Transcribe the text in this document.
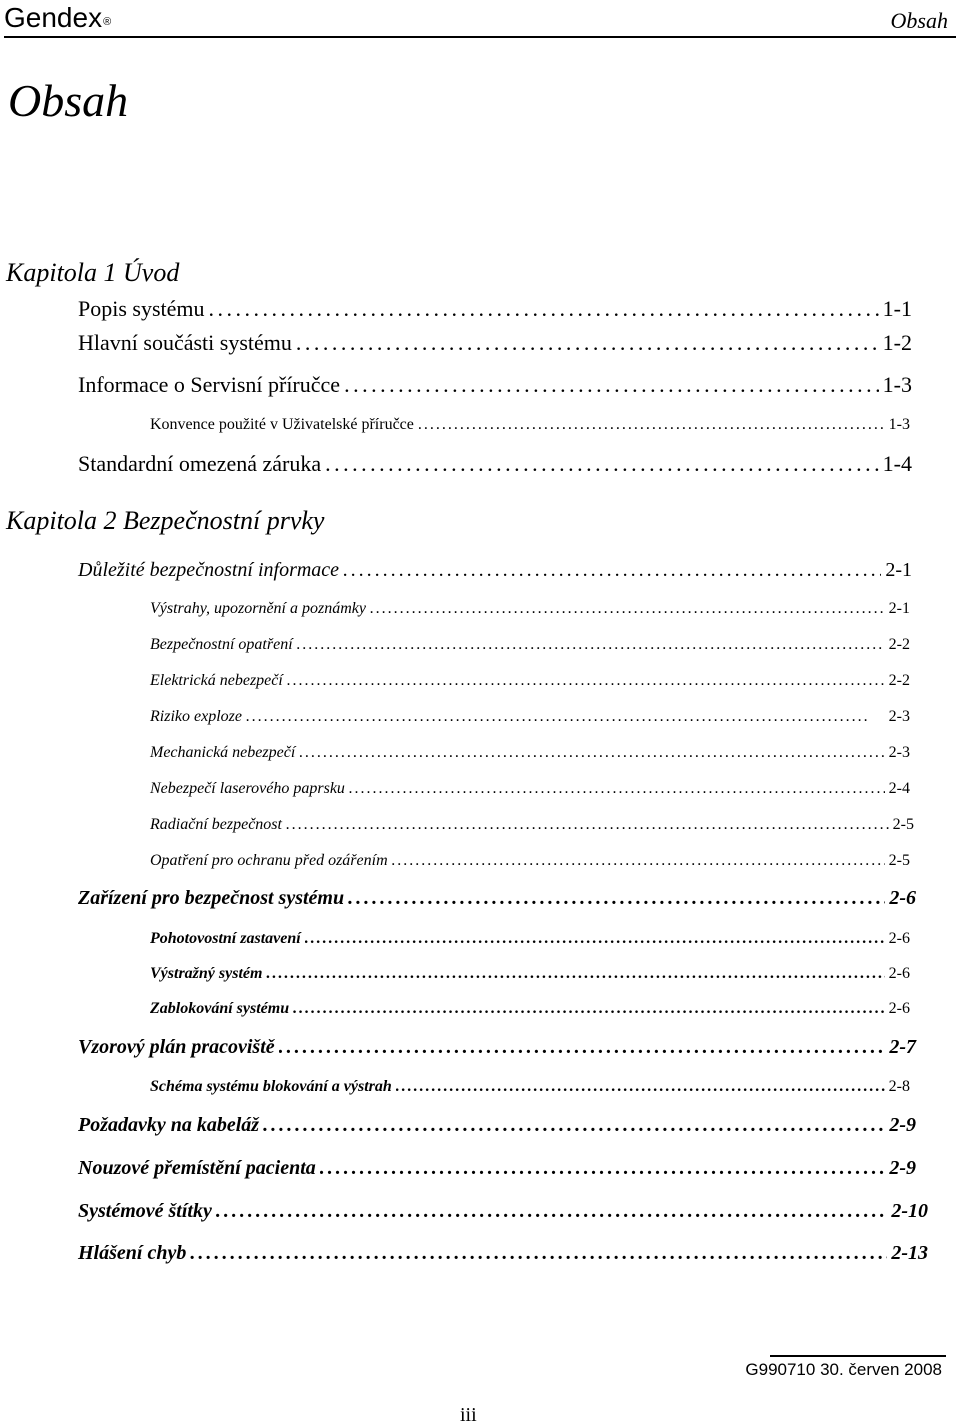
Gendex®	Obsah
Obsah
Kapitola 1 Úvod
Popis systému . . .	1-1
Hlavní součásti systému . . .	1-2
Informace o Servisní příručce . . .	1-3
Konvence použité v Uživatelské příručce . . .	1-3
Standardní omezená záruka . . .	1-4
Kapitola 2 Bezpečnostní prvky
Důležité bezpečnostní informace . . .	2-1
Výstrahy, upozornění a poznámky . . .	2-1
Bezpečnostní opatření . . .	2-2
Elektrická nebezpečí . . .	2-2
Riziko exploze . . .	2-3
Mechanická nebezpečí . . .	2-3
Nebezpečí laserového paprsku . . .	2-4
Radiační bezpečnost . . .	2-5
Opatření pro ochranu před ozářením . . .	2-5
Zařízení pro bezpečnost systému . . .	2-6
Pohotovostní zastavení . . .	2-6
Výstražný systém . . .	2-6
Zablokování systému . . .	2-6
Vzorový plán pracoviště . . .	2-7
Schéma systému blokování a výstrah . . .	2-8
Požadavky na kabeláž . . .	2-9
Nouzové přemístění pacienta . . .	2-9
Systémové štítky . . .	2-10
Hlášení chyb . . .	2-13
G990710 30. červen 2008
iii
